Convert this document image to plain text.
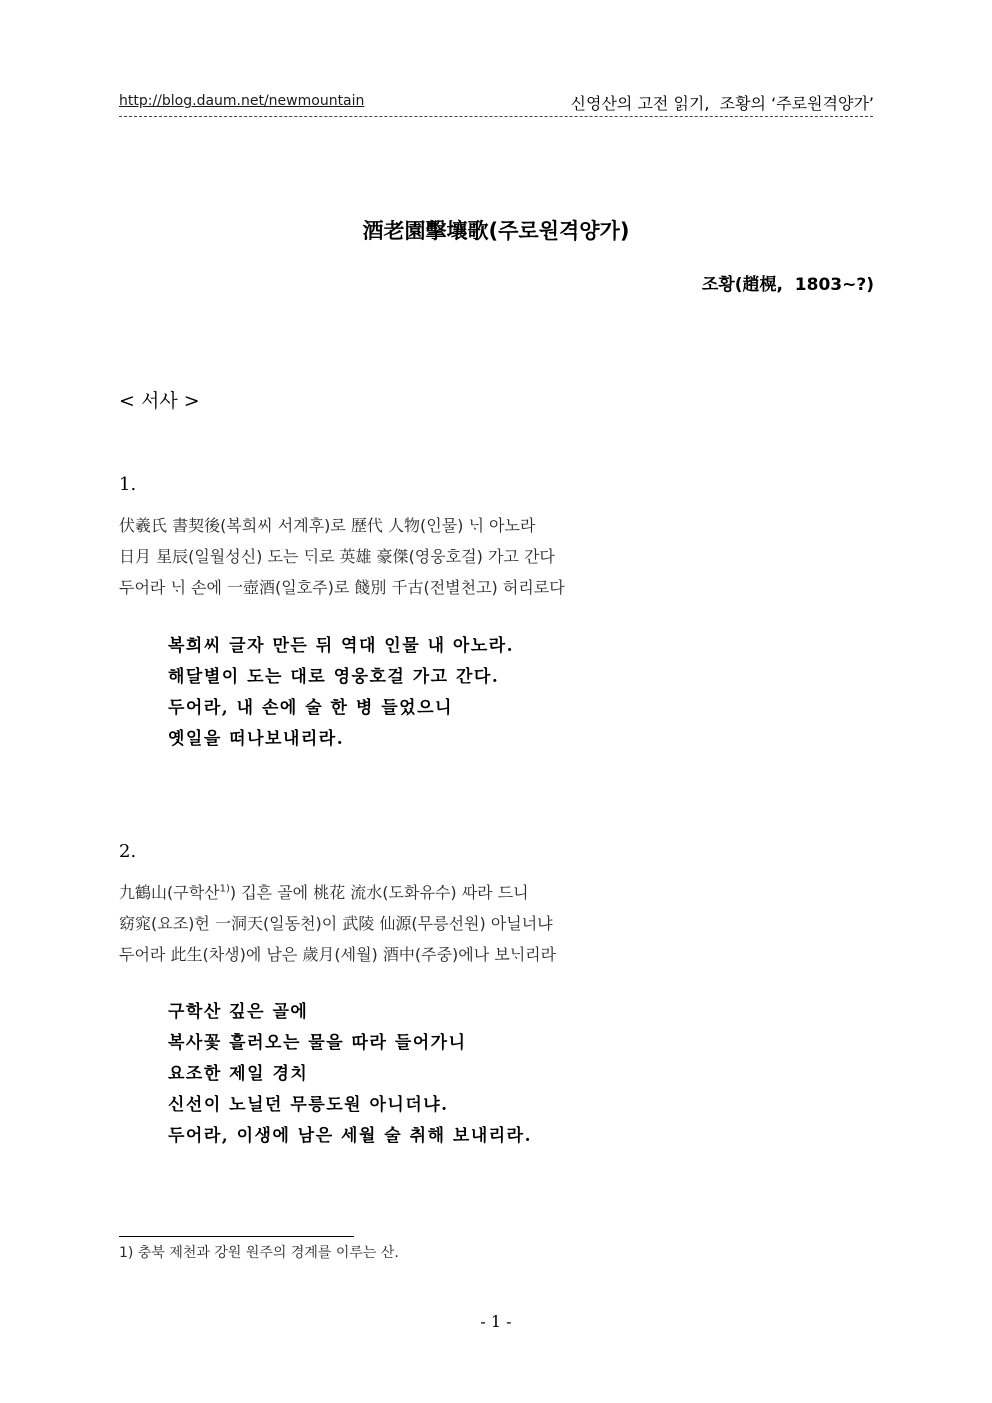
http://blog.daum.net/newmountain	신영산의 고전 읽기,  조황의 ‘주로원격양가’
酒老園擊壤歌(주로원격양가)
조황(趙榥,  1803~?)
< 서사 >
1.
伏羲氏 書契後(복희씨 서계후)로 歷代 人物(인물) ᄂᆡ 아노라
日月 星辰(일월성신) 도는 ᄃᆡ로 英雄 豪傑(영웅호걸) 가고 간다
두어라 ᄂᆡ 손에 一壺酒(일호주)로 餞別 千古(전별천고) 허리로다
복희씨 글자 만든 뒤 역대 인물 내 아노라.
해달별이 도는 대로 영웅호걸 가고 간다.
두어라, 내 손에 술 한 병 들었으니
옛일을 떠나보내리라.
2.
九鶴山(구학산$^{1)}$) 깁흔 골에 桃花 流水(도화유수) ᄯᅡ라 드니
窈窕(요조)헌 一洞天(일동천)이 武陵 仙源(무릉선원) 아닐너냐
두어라 此生(차생)에 남은 歲月(세월) 酒中(주중)에나 보ᄂᆡ리라
구학산 깊은 골에
복사꽃 흘러오는 물을 따라 들어가니
요조한 제일 경치
신선이 노닐던 무릉도원 아니더냐.
두어라, 이생에 남은 세월 술 취해 보내리라.
1) 충북 제천과 강원 원주의 경계를 이루는 산.
- 1 -
